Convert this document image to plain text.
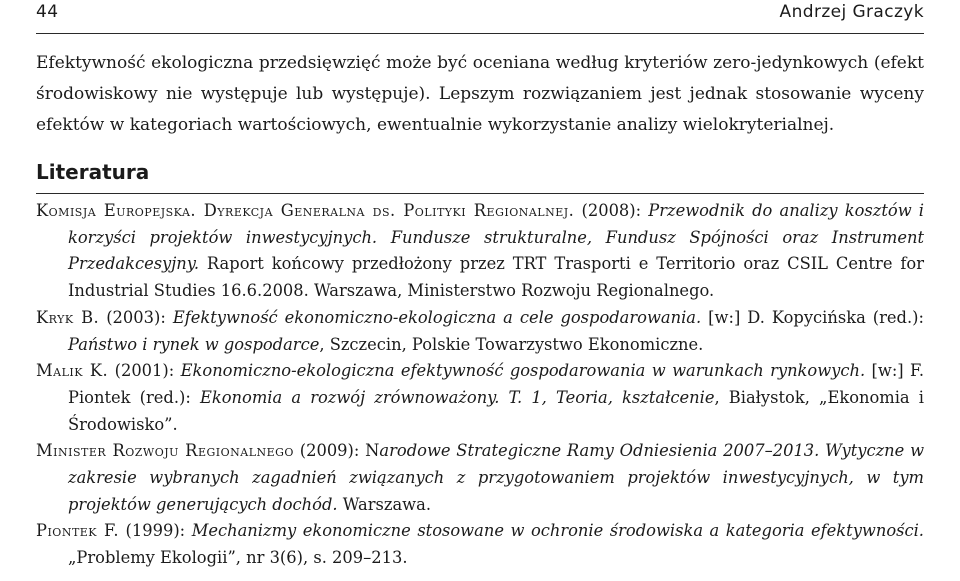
44	Andrzej Graczyk

Efektywność ekologiczna przedsięwzięć może być oceniana według kryteriów zero-jedynkowych (efekt środowiskowy nie występuje lub występuje). Lepszym rozwiązaniem jest jednak stosowanie wyceny efektów w kategoriach wartościowych, ewentualnie wykorzystanie analizy wielokryterialnej.

Literatura
Komisja Europejska. Dyrekcja Generalna ds. Polityki Regionalnej. (2008): Przewodnik do analizy kosztów i korzyści projektów inwestycyjnych. Fundusze strukturalne, Fundusz Spójności oraz Instrument Przedakcesyjny. Raport końcowy przedłożony przez TRT Trasporti e Territorio oraz CSIL Centre for Industrial Studies 16.6.2008. Warszawa, Ministerstwo Rozwoju Regionalnego.
Kryk B. (2003): Efektywność ekonomiczno-ekologiczna a cele gospodarowania. [w:] D. Kopycińska (red.): Państwo i rynek w gospodarce, Szczecin, Polskie Towarzystwo Ekonomiczne.
Malik K. (2001): Ekonomiczno-ekologiczna efektywność gospodarowania w warunkach rynkowych. [w:] F. Piontek (red.): Ekonomia a rozwój zrównoważony. T. 1, Teoria, kształcenie, Białystok, „Ekonomia i Środowisko”.
Minister Rozwoju Regionalnego (2009): Narodowe Strategiczne Ramy Odniesienia 2007–2013. Wytyczne w zakresie wybranych zagadnień związanych z przygotowaniem projektów inwestycyjnych, w tym projektów generujących dochód. Warszawa.
Piontek F. (1999): Mechanizmy ekonomiczne stosowane w ochronie środowiska a kategoria efektywności. „Problemy Ekologii”, nr 3(6), s. 209–213.
